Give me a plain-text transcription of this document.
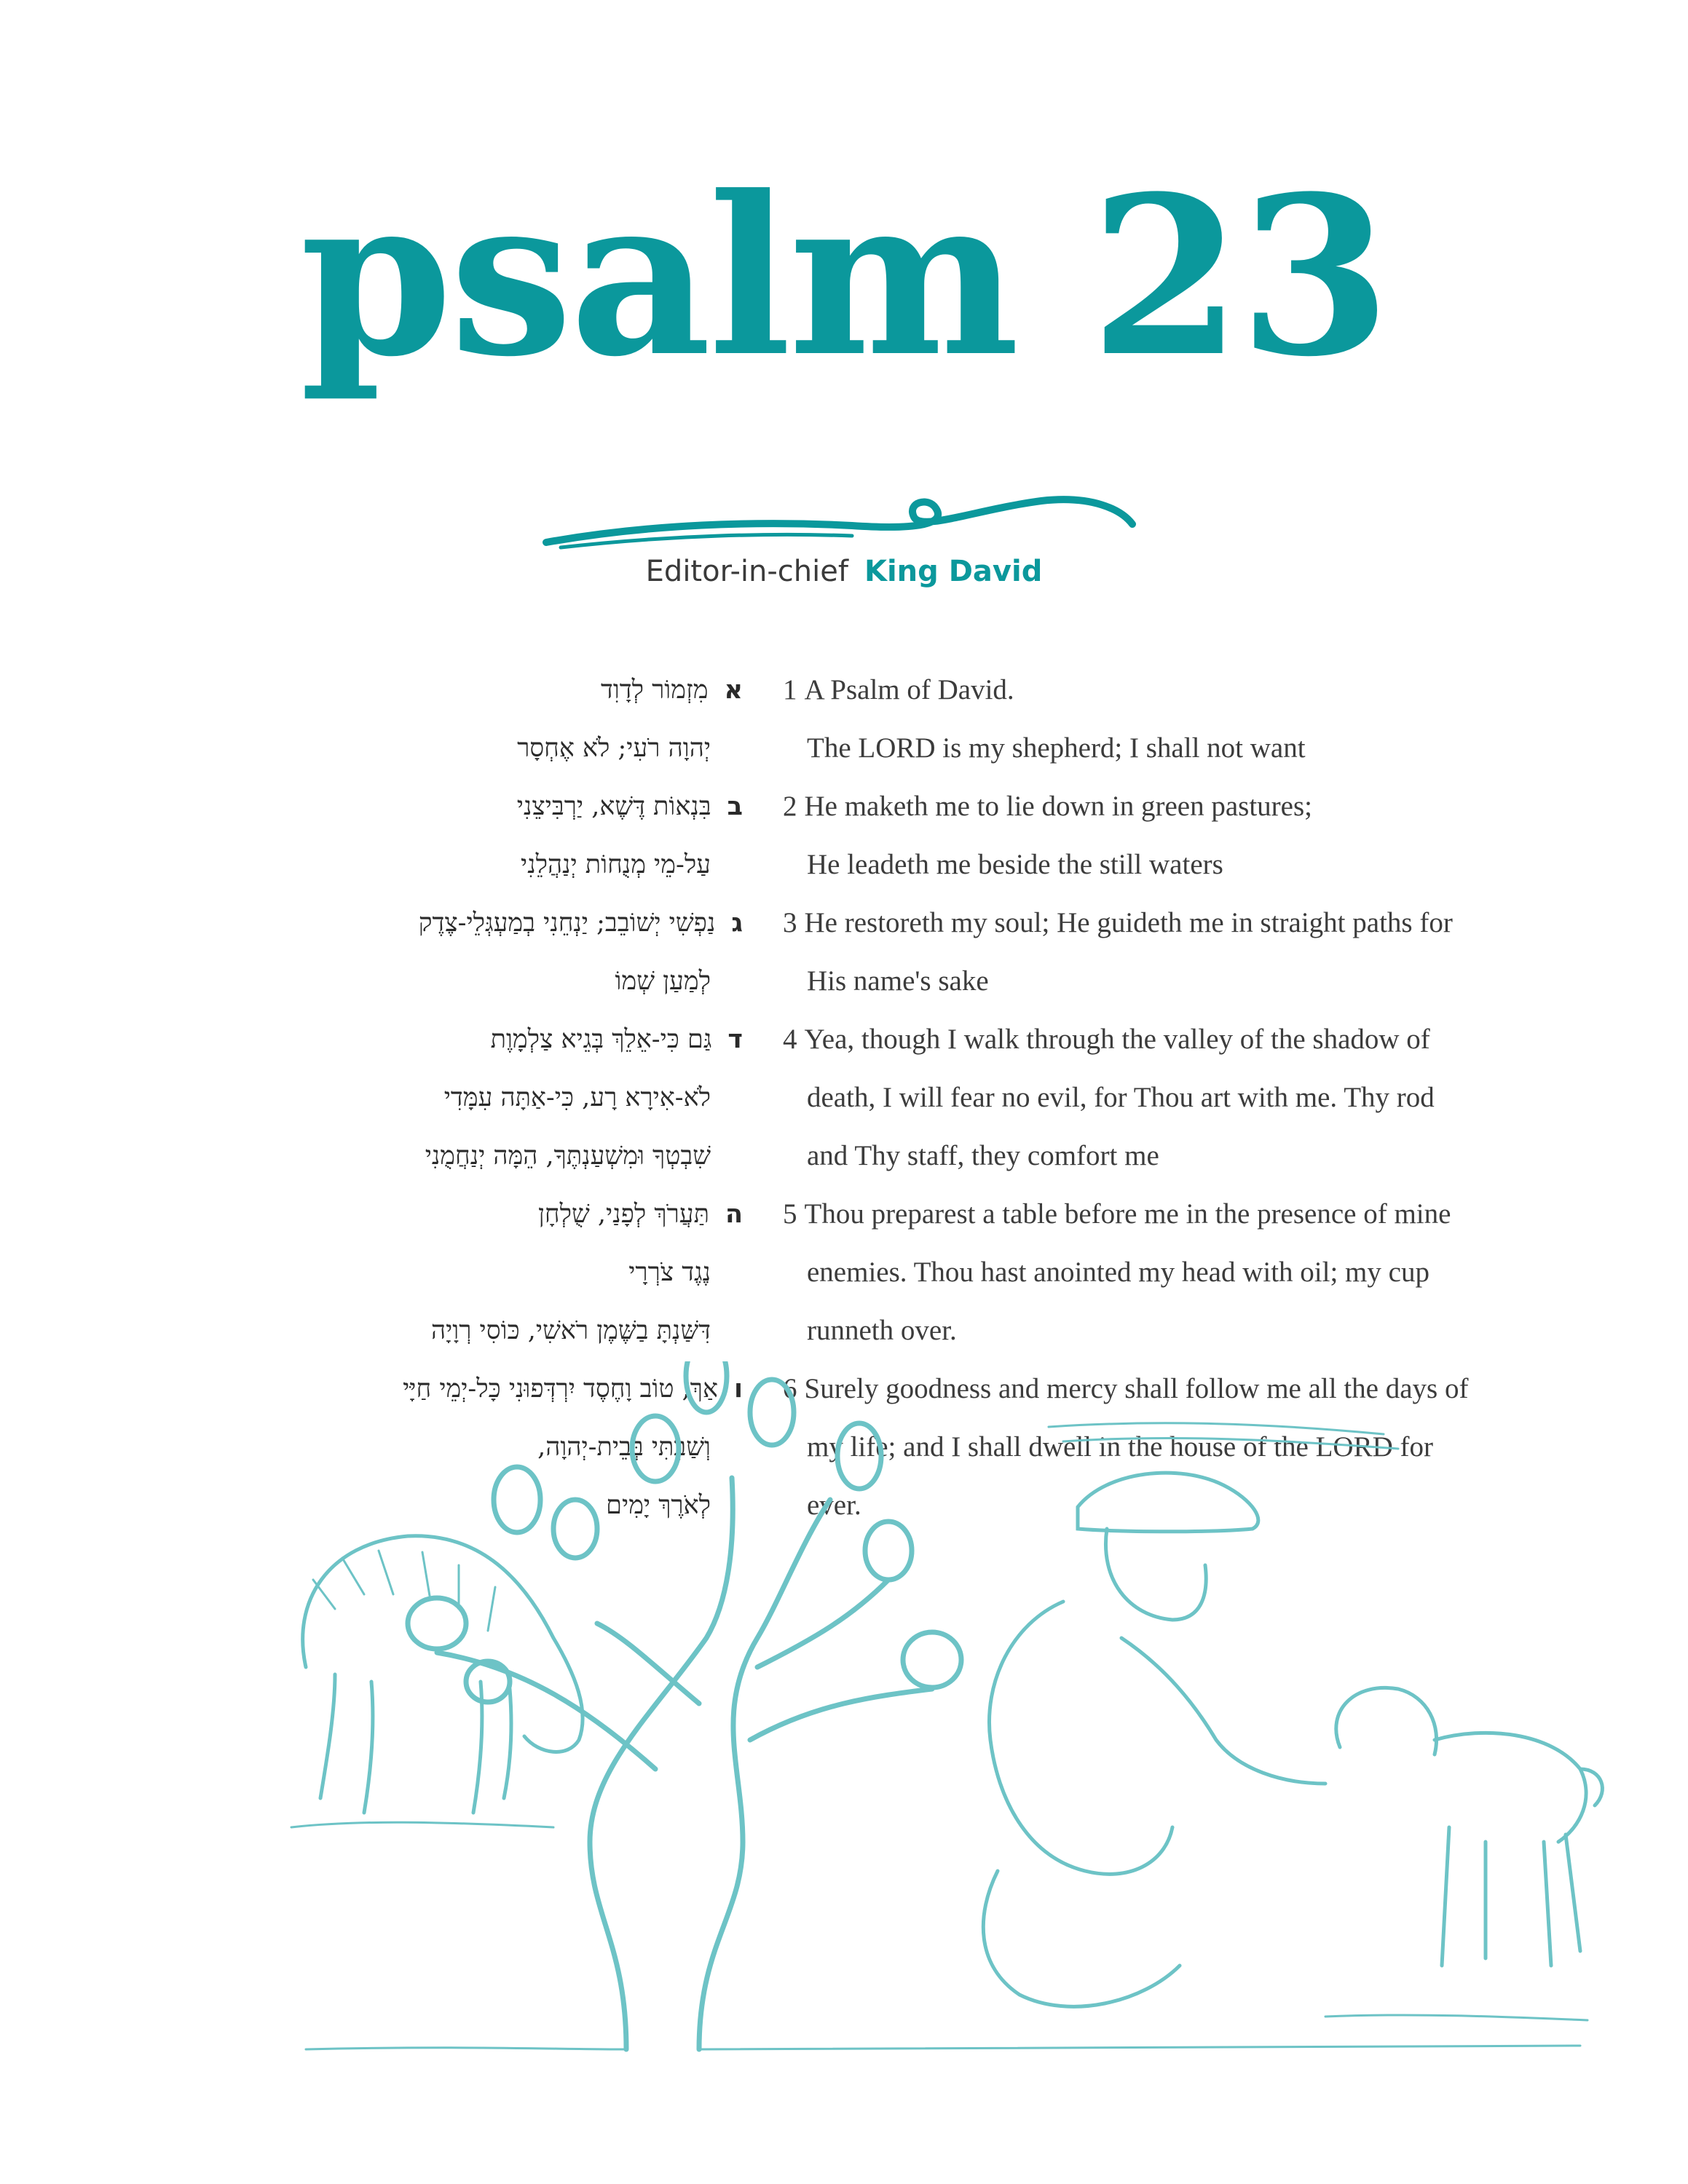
psalm 23
Editor-in-chief King David
אמִזְמוֹר לְדָוִד
יְהוָה רֹעִי; לֹא אֶחְסָר
בבִּנְאוֹת דֶּשֶׁא, יַרְבִּיצֵנִי
עַל-מֵי מְנֻחוֹת יְנַהֲלֵנִי
גנַפְשִׁי יְשׁוֹבֵב; יַנְחֵנִי בְמַעְגְּלֵי-צֶדֶק
לְמַעַן שְׁמוֹ
דגַּם כִּי-אֵלֵךְ בְּגֵיא צַלְמָוֶת
לֹא-אִירָא רָע, כִּי-אַתָּה עִמָּדִי
שִׁבְטְךָ וּמִשְׁעַנְתֶּךָ, הֵמָּה יְנַחֲמֻנִי
התַּעֲרֹךְ לְפָנַי, שֻׁלְחָן
נֶגֶד צֹרְרָי
דִּשַּׁנְתָּ בַשֶּׁמֶן רֹאשִׁי, כּוֹסִי רְוָיָה
ואַךְ, טוֹב וָחֶסֶד יִרְדְּפוּנִי כָּל-יְמֵי חַיָּי
וְשַׁבְתִּי בְּבֵית-יְהוָה,
לְאֹרֶךְ יָמִים
1 A Psalm of David.
The LORD is my shepherd; I shall not want
2 He maketh me to lie down in green pastures;
He leadeth me beside the still waters
3 He restoreth my soul; He guideth me in straight paths for
His name's sake
4 Yea, though I walk through the valley of the shadow of
death, I will fear no evil, for Thou art with me. Thy rod
and Thy staff, they comfort me
5 Thou preparest a table before me in the presence of mine
enemies. Thou hast anointed my head with oil; my cup
runneth over.
6 Surely goodness and mercy shall follow me all the days of
my life; and I shall dwell in the house of the LORD for
ever.
